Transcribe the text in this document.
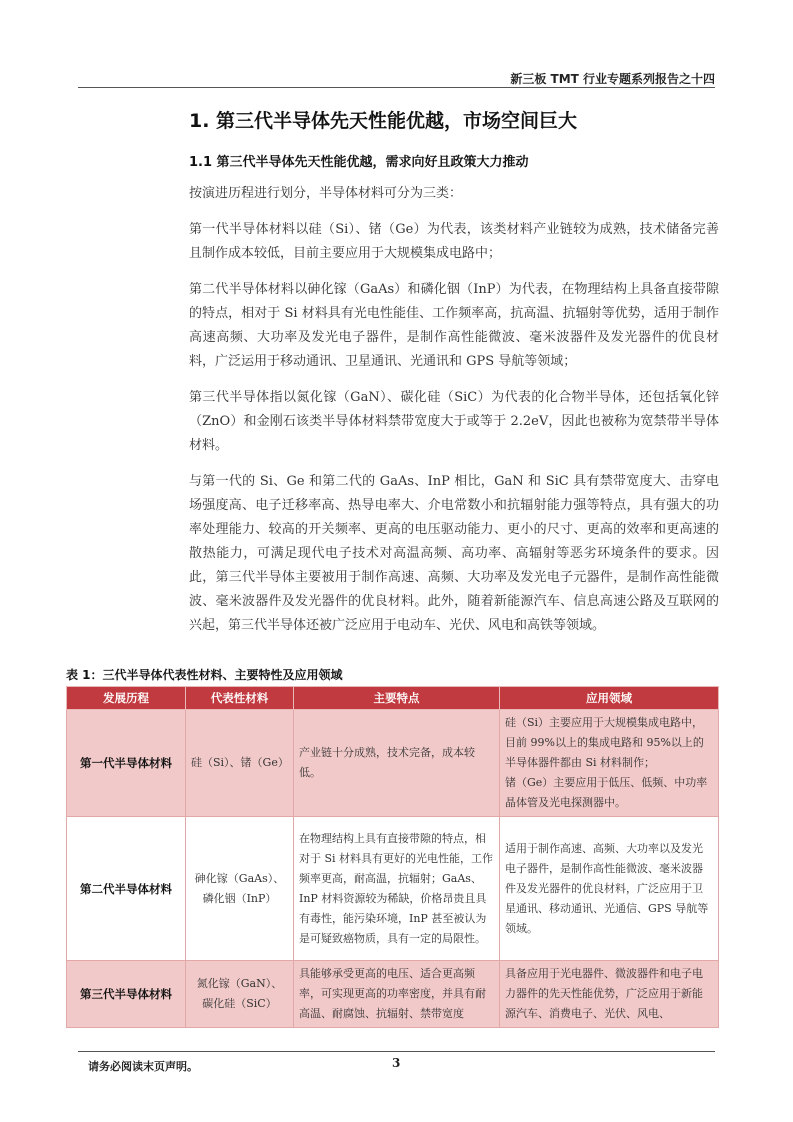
新三板 TMT 行业专题系列报告之十四
1. 第三代半导体先天性能优越，市场空间巨大
1.1 第三代半导体先天性能优越，需求向好且政策大力推动

按演进历程进行划分，半导体材料可分为三类：

第一代半导体材料以硅（Si）、锗（Ge）为代表，该类材料产业链较为成熟，技术储备完善且制作成本较低，目前主要应用于大规模集成电路中；

第二代半导体材料以砷化镓（GaAs）和磷化铟（InP）为代表，在物理结构上具备直接带隙的特点，相对于 Si 材料具有光电性能佳、工作频率高，抗高温、抗辐射等优势，适用于制作高速高频、大功率及发光电子器件，是制作高性能微波、毫米波器件及发光器件的优良材料，广泛运用于移动通讯、卫星通讯、光通讯和 GPS 导航等领域；

第三代半导体指以氮化镓（GaN）、碳化硅（SiC）为代表的化合物半导体，还包括氧化锌（ZnO）和金刚石该类半导体材料禁带宽度大于或等于 2.2eV，因此也被称为宽禁带半导体材料。

与第一代的 Si、Ge 和第二代的 GaAs、InP 相比，GaN 和 SiC 具有禁带宽度大、击穿电场强度高、电子迁移率高、热导电率大、介电常数小和抗辐射能力强等特点，具有强大的功率处理能力、较高的开关频率、更高的电压驱动能力、更小的尺寸、更高的效率和更高速的散热能力，可满足现代电子技术对高温高频、高功率、高辐射等恶劣环境条件的要求。因此，第三代半导体主要被用于制作高速、高频、大功率及发光电子元器件，是制作高性能微波、毫米波器件及发光器件的优良材料。此外，随着新能源汽车、信息高速公路及互联网的兴起，第三代半导体还被广泛应用于电动车、光伏、风电和高铁等领域。

表 1：三代半导体代表性材料、主要特性及应用领域
发展历程	代表性材料	主要特点	应用领域
第一代半导体材料	硅（Si）、锗（Ge）	产业链十分成熟，技术完备，成本较低。	硅（Si）主要应用于大规模集成电路中，目前 99%以上的集成电路和 95%以上的半导体器件都由 Si 材料制作；
锗（Ge）主要应用于低压、低频、中功率晶体管及光电探测器中。

第二代半导体材料	砷化镓（GaAs）、
磷化铟（InP）	在物理结构上具有直接带隙的特点，相对于 Si 材料具有更好的光电性能，工作频率更高，耐高温，抗辐射；GaAs、InP 材料资源较为稀缺，价格昂贵且具有毒性，能污染环境，InP 甚至被认为是可疑致癌物质，具有一定的局限性。	适用于制作高速、高频、大功率以及发光电子器件，是制作高性能微波、毫米波器件及发光器件的优良材料，广泛应用于卫星通讯、移动通讯、光通信、GPS 导航等领域。

第三代半导体材料	氮化镓（GaN）、
碳化硅（SiC）	具能够承受更高的电压、适合更高频率，可实现更高的功率密度，并具有耐高温、耐腐蚀、抗辐射、禁带宽度	具备应用于光电器件、微波器件和电子电力器件的先天性能优势，广泛应用于新能源汽车、消费电子、光伏、风电、
请务必阅读末页声明。	3
